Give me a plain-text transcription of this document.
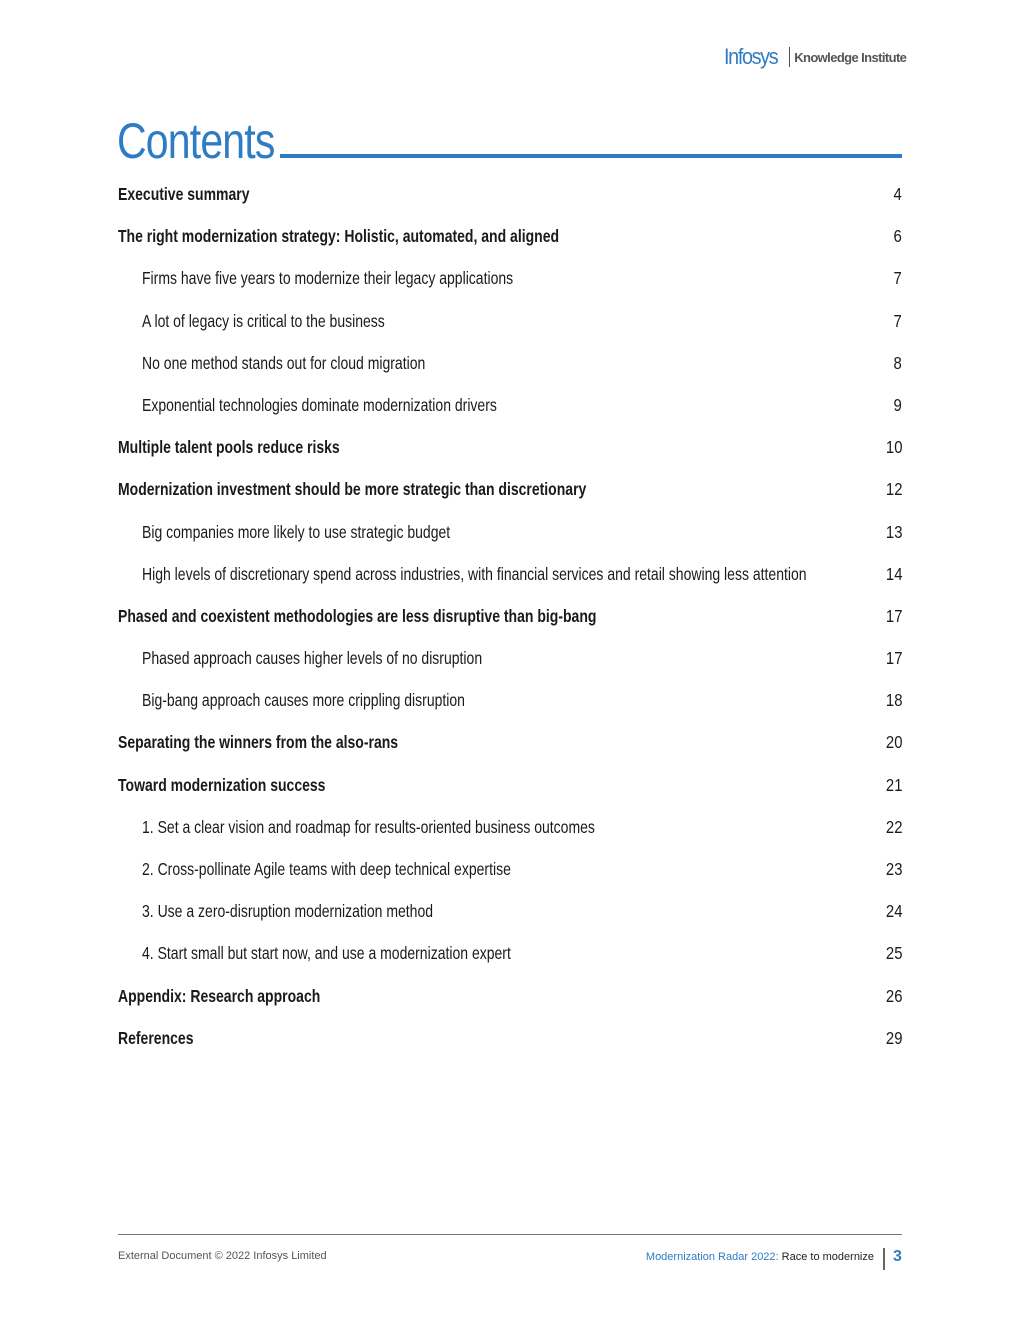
Infosys Knowledge Institute
Contents
Executive summary	4
The right modernization strategy: Holistic, automated, and aligned	6
Firms have five years to modernize their legacy applications	7
A lot of legacy is critical to the business	7
No one method stands out for cloud migration	8
Exponential technologies dominate modernization drivers	9
Multiple talent pools reduce risks	10
Modernization investment should be more strategic than discretionary	12
Big companies more likely to use strategic budget	13
High levels of discretionary spend across industries, with financial services and retail showing less attention	14
Phased and coexistent methodologies are less disruptive than big-bang	17
Phased approach causes higher levels of no disruption	17
Big-bang approach causes more crippling disruption	18
Separating the winners from the also-rans	20
Toward modernization success	21
1. Set a clear vision and roadmap for results-oriented business outcomes	22
2. Cross-pollinate Agile teams with deep technical expertise	23
3. Use a zero-disruption modernization method	24
4. Start small but start now, and use a modernization expert	25
Appendix: Research approach	26
References	29
External Document © 2022 Infosys Limited	Modernization Radar 2022: Race to modernize 3
